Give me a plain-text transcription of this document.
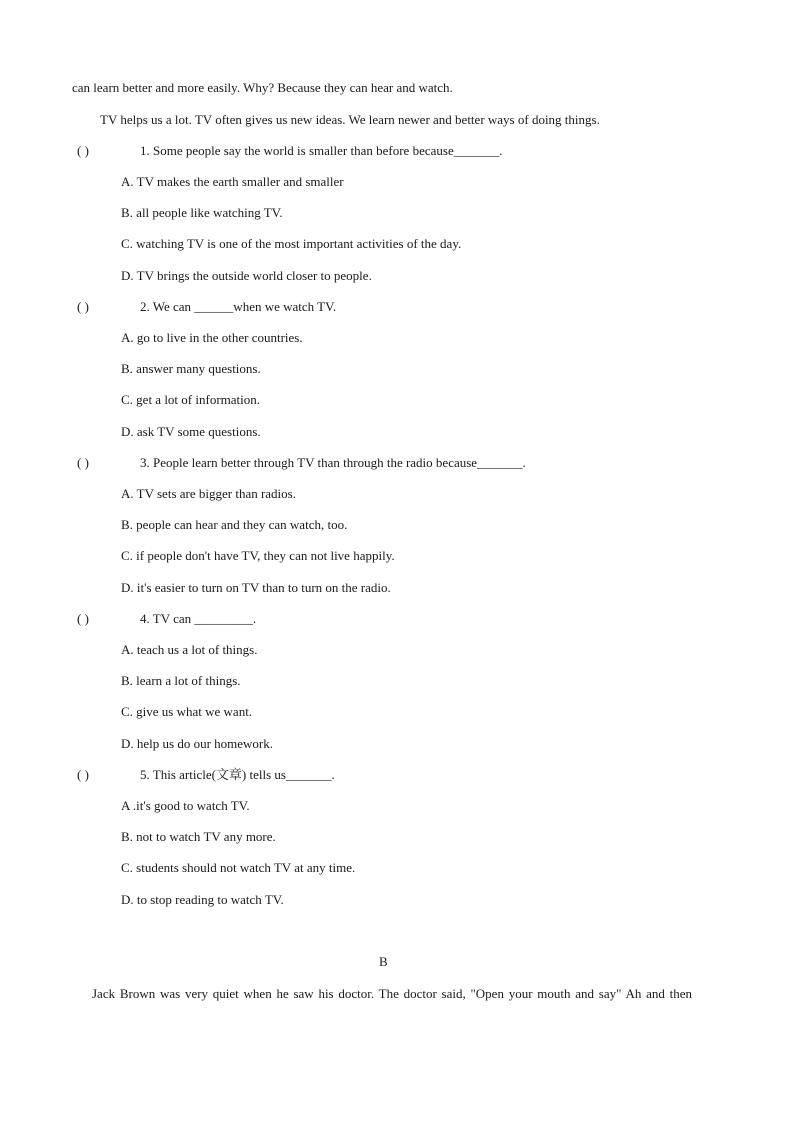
can learn better and more easily. Why? Because they can hear and watch.
TV helps us a lot. TV often gives us new ideas. We learn newer and better ways of doing things.
( )	1. Some people say the world is smaller than before because_______.
A. TV makes the earth smaller and smaller
B. all people like watching TV.
C. watching TV is one of the most important activities of the day.
D. TV brings the outside world closer to people.
( )	2. We can ______when we watch TV.
A. go to live in the other countries.
B. answer many questions.
C. get a lot of information.
D. ask TV some questions.
( )	3. People learn better through TV than through the radio because_______.
A. TV sets are bigger than radios.
B. people can hear and they can watch, too.
C. if people don't have TV, they can not live happily.
D. it's easier to turn on TV than to turn on the radio.
( )	4. TV can _________.
A. teach us a lot of things.
B. learn a lot of things.
C. give us what we want.
D. help us do our homework.
( )	5. This article(文章) tells us_______.
A .it's good to watch TV.
B. not to watch TV any more.
C. students should not watch TV at any time.
D. to stop reading to watch TV.
B
Jack Brown was very quiet when he saw his doctor. The doctor said, "Open your mouth and say" Ah and then
